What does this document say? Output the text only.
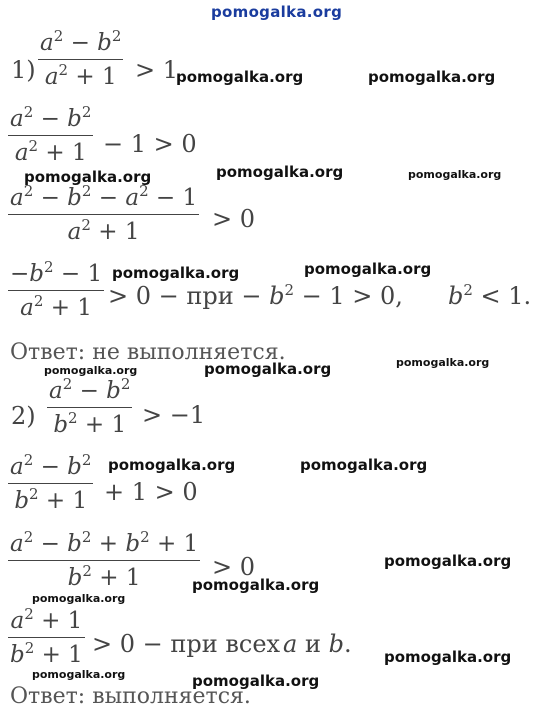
pomogalka.org
1)
$a^2 - b^2$
$a^2 + 1 > 1$
$a^2 - b^2$
$a^2 + 1 - 1 > 0$
$a^2 - b^2 - a^2 - 1$
$a^2 + 1$	> 0
$-b^2 - 1$
$a^2 + 1 > 0$ − при − $b^2 - 1 > 0$, $b^2 < 1$.
Ответ: не выполняется.
2)
$a^2 - b^2$
$b^2 + 1 > -1$
$a^2 - b^2$
$b^2 + 1 + 1 > 0$
$a^2 - b^2 + b^2 + 1$
$b^2 + 1$	> 0
$a^2 + 1$
$b^2 + 1 > 0$ − при всех a и b.
Ответ: выполняется.
pomogalka.org	pomogalka.org
pomogalka.org
pomogalka.org	pomogalka.org
pomogalka.org	pomogalka.org
pomogalka.org	pomogalka.org	pomogalka.org
pomogalka.org	pomogalka.org
pomogalka.org
pomogalka.org
pomogalka.org
pomogalka.org
pomogalka.org	pomogalka.org
